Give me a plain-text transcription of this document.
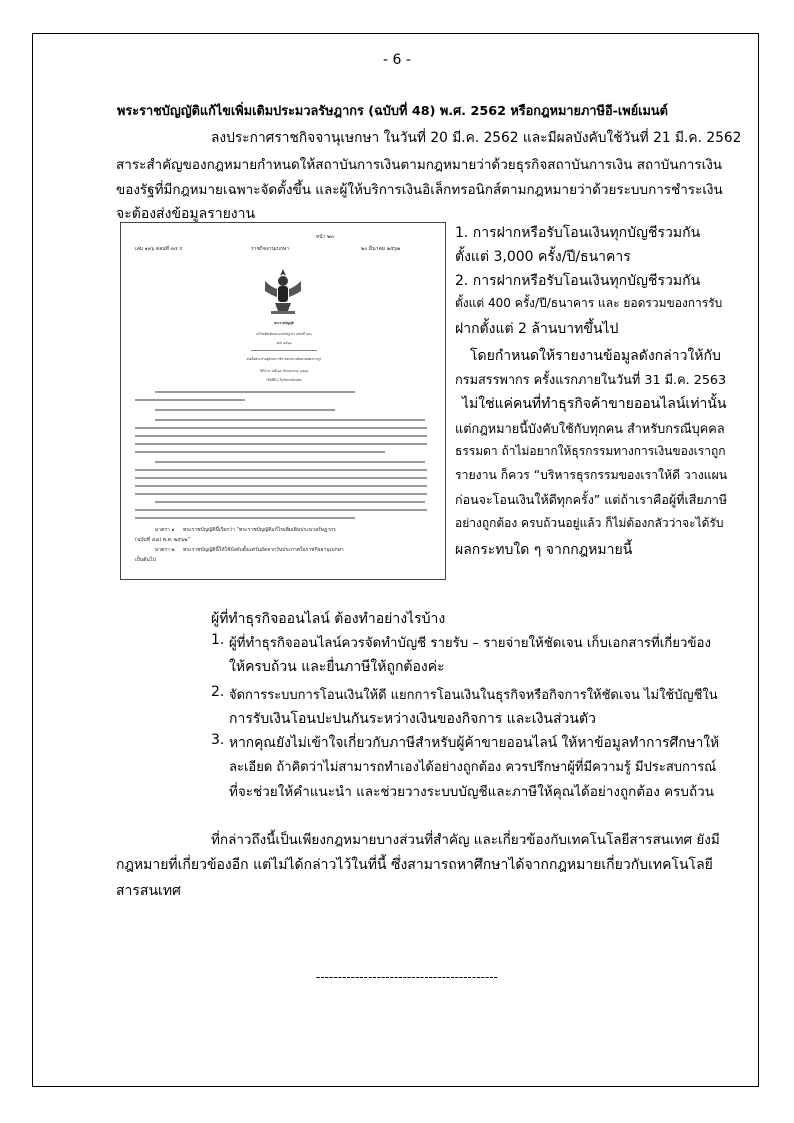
- 6 -
พระราชบัญญัติแก้ไขเพิ่มเติมประมวลรัษฎากร (ฉบับที่ 48) พ.ศ. 2562 หรือกฎหมายภาษีอี-เพย์เมนต์
ลงประกาศราชกิจจานุเษกษา ในวันที่ 20 มี.ค. 2562 และมีผลบังคับใช้วันที่ 21 มี.ค. 2562
สาระสำคัญของกฎหมายกำหนดให้สถาบันการเงินตามกฎหมายว่าด้วยธุรกิจสถาบันการเงิน สถาบันการเงิน
ของรัฐที่มีกฎหมายเฉพาะจัดตั้งขึ้น และผู้ให้บริการเงินอิเล็กทรอนิกส์ตามกฎหมายว่าด้วยระบบการชำระเงิน
จะต้องส่งข้อมูลรายงาน
หน้า ๒๓
เล่ม ๑๓๖ ตอนที่ ๓๔ ก	ราชกิจจานุเบกษา	๒๐ มีนาคม ๒๕๖๒
พระราชบัญญัติ
แก้ไขเพิ่มเติมประมวลรัษฎากร (ฉบับที่ ๔๘)
พ.ศ. ๒๕๖๒
สมเด็จพระเจ้าอยู่หัวมหาวชิราลงกรณ บดินทรเทพยวรางกูร
ให้ไว้ ณ วันที่ ๑๙ มีนาคม พ.ศ. ๒๕๖๒
เป็นปีที่ ๔ ในรัชกาลปัจจุบัน
มาตรา ๑ พระราชบัญญัตินี้เรียกว่า “พระราชบัญญัติแก้ไขเพิ่มเติมประมวลรัษฎากร
(ฉบับที่ ๔๘) พ.ศ. ๒๕๖๒”
มาตรา ๒ พระราชบัญญัตินี้ให้ใช้บังคับตั้งแต่วันถัดจากวันประกาศในราชกิจจานุเบกษา
เป็นต้นไป
1. การฝากหรือรับโอนเงินทุกบัญชีรวมกัน
ตั้งแต่ 3,000 ครั้ง/ปี/ธนาคาร
2. การฝากหรือรับโอนเงินทุกบัญชีรวมกัน
ตั้งแต่ 400 ครั้ง/ปี/ธนาคาร และ ยอดรวมของการรับ
ฝากตั้งแต่ 2 ล้านบาทขึ้นไป
โดยกำหนดให้รายงานข้อมูลดังกล่าวให้กับ
กรมสรรพากร ครั้งแรกภายในวันที่ 31 มี.ค. 2563
ไม่ใช่แค่คนที่ทำธุรกิจค้าขายออนไลน์เท่านั้น
แต่กฎหมายนี้บังคับใช้กับทุกคน สำหรับกรณีบุคคล
ธรรมดา ถ้าไม่อยากให้ธุรกรรมทางการเงินของเราถูก
รายงาน ก็ควร “บริหารธุรกรรมของเราให้ดี วางแผน
ก่อนจะโอนเงินให้ดีทุกครั้ง” แต่ถ้าเราคือผู้ที่เสียภาษี
อย่างถูกต้อง ครบถ้วนอยู่แล้ว ก็ไม่ต้องกลัวว่าจะได้รับ
ผลกระทบใด ๆ จากกฎหมายนี้
ผู้ที่ทำธุรกิจออนไลน์ ต้องทำอย่างไรบ้าง
1. ผู้ที่ทำธุรกิจออนไลน์ควรจัดทำบัญชี รายรับ – รายจ่ายให้ชัดเจน เก็บเอกสารที่เกี่ยวข้อง
ให้ครบถ้วน และยื่นภาษีให้ถูกต้องค่ะ
2. จัดการระบบการโอนเงินให้ดี แยกการโอนเงินในธุรกิจหรือกิจการให้ชัดเจน ไม่ใช้บัญชีใน
การรับเงินโอนปะปนกันระหว่างเงินของกิจการ และเงินส่วนตัว
3. หากคุณยังไม่เข้าใจเกี่ยวกับภาษีสำหรับผู้ค้าขายออนไลน์ ให้หาข้อมูลทำการศึกษาให้
ละเอียด ถ้าคิดว่าไม่สามารถทำเองได้อย่างถูกต้อง ควรปรึกษาผู้ที่มีความรู้ มีประสบการณ์
ที่จะช่วยให้คำแนะนำ และช่วยวางระบบบัญชีและภาษีให้คุณได้อย่างถูกต้อง ครบถ้วน
ที่กล่าวถึงนี้เป็นเพียงกฎหมายบางส่วนที่สำคัญ และเกี่ยวข้องกับเทคโนโลยีสารสนเทศ ยังมี
กฎหมายที่เกี่ยวข้องอีก แต่ไม่ได้กล่าวไว้ในที่นี้ ซึ่งสามารถหาศึกษาได้จากกฎหมายเกี่ยวกับเทคโนโลยี
สารสนเทศ
------------------------------------------
